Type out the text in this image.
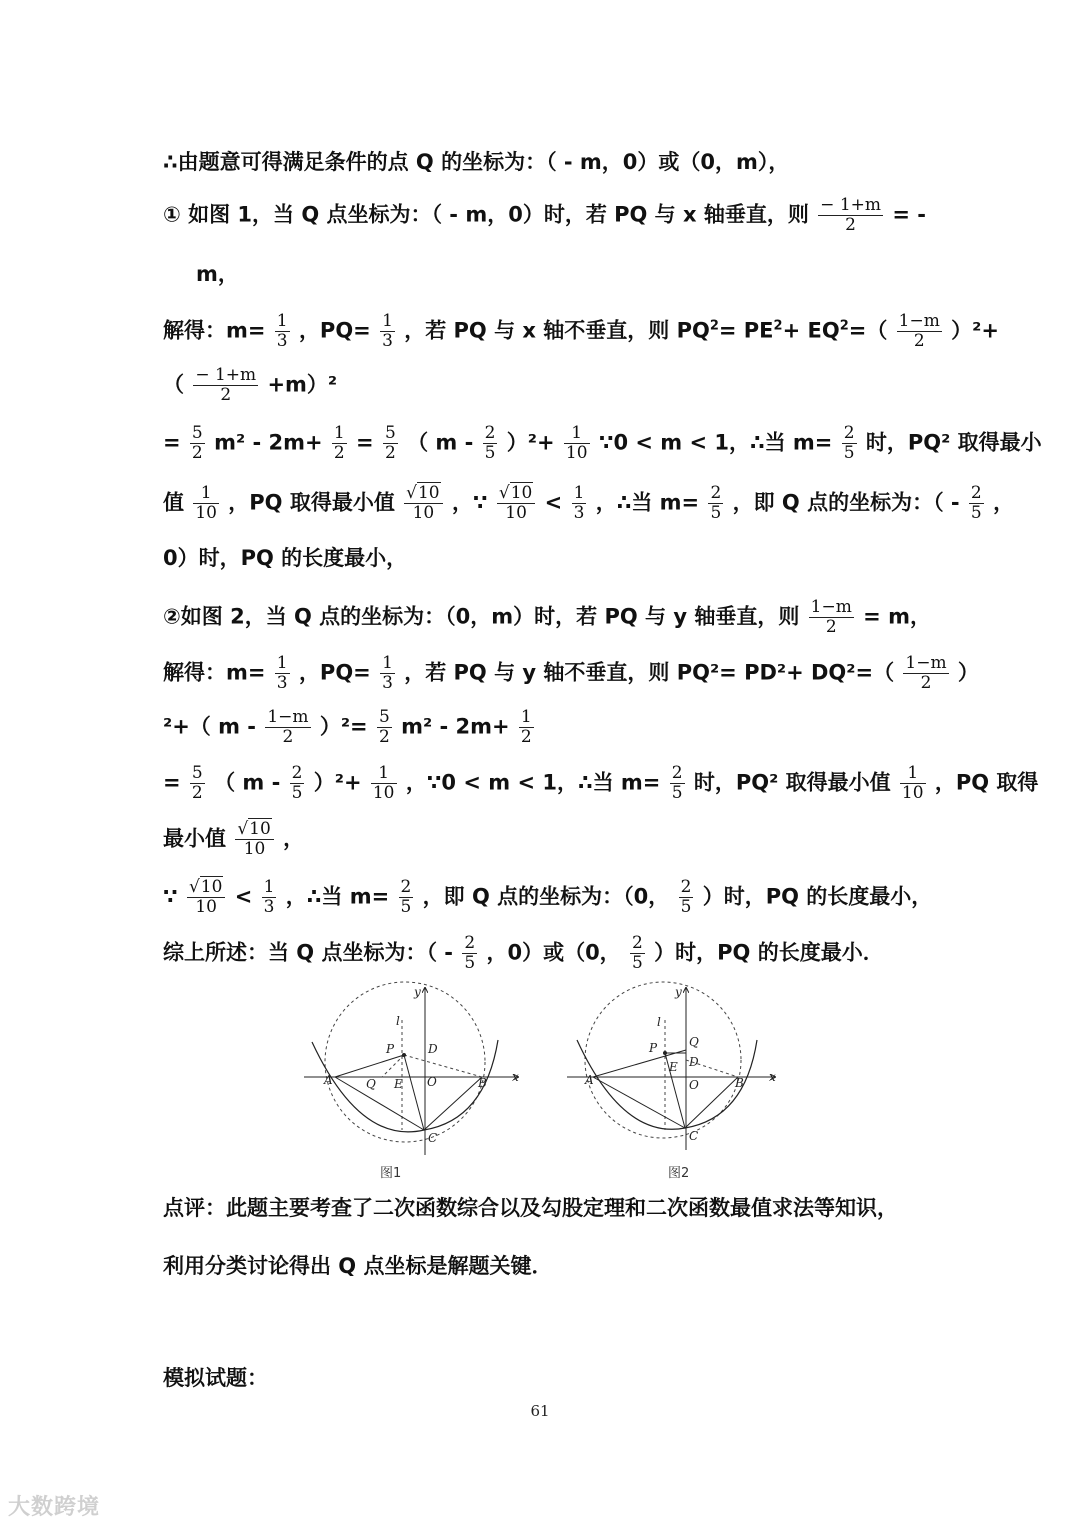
∴由题意可得满足条件的点 Q 的坐标为：（ - m，0）或（0，m），
① 如图 1，当 Q 点坐标为：（ - m，0）时，若 PQ 与 x 轴垂直，则 $\frac{- 1+m}{2}$ = -
m，
解得：$m= \frac{1}{3}$ ，$PQ= \frac{1}{3}$ ，若 PQ 与 x 轴不垂直，则 $PQ^2= PE^2+ EQ^2=( \frac{1-m}{2} )^2+$
（ $\frac{- 1+m}{2} +m)^2$
= $\frac{5}{2} m^2 - 2m+ \frac{1}{2} = \frac{5}{2}$ （ $m - \frac{2}{5} )^2+ \frac{1}{10}$ ∵0 < m < 1，∴当 $m= \frac{2}{5}$ 时，PQ² 取得最小
值 $\frac{1}{10}$ ，PQ 取得最小值 $\frac{√10}{10}$ ，∵ $\frac{√10}{10} < \frac{1}{3}$ ，∴当 $m= \frac{2}{5}$ ，即 Q 点的坐标为：（ - $\frac{2}{5}$ ，
0）时，PQ 的长度最小，
②如图 2，当 Q 点的坐标为：（0，m）时，若 PQ 与 y 轴垂直，则 $\frac{1-m}{2} = m$，
解得：$m= \frac{1}{3}$ ，$PQ= \frac{1}{3}$ ，若 PQ 与 y 轴不垂直，则 $PQ^2= PD^2+ DQ^2=( \frac{1-m}{2}$ ）
²+（ $m - \frac{1-m}{2} )^2= \frac{5}{2} m^2 - 2m+ \frac{1}{2}$
= $\frac{5}{2}$ （ $m - \frac{2}{5} )^2+ \frac{1}{10}$ ，∵0 < m < 1，∴当 $m= \frac{2}{5}$ 时，PQ² 取得最小值 $\frac{1}{10}$ ，PQ 取得
最小值 $\frac{√10}{10}$ ，
∵ $\frac{√10}{10} < \frac{1}{3}$ ，∴当 $m= \frac{2}{5}$ ，即 Q 点的坐标为：（0， $\frac{2}{5}$ ）时，PQ 的长度最小，
综上所述：当 Q 点坐标为：（ - $\frac{2}{5}$ ，0）或（0， $\frac{2}{5}$ ）时，PQ 的长度最小．
y
l
P	D
A	Q E O	B x
C
图1
y
l
P	Q
E D
A	O	B x
C
图2
点评：此题主要考查了二次函数综合以及勾股定理和二次函数最值求法等知识，
利用分类讨论得出 Q 点坐标是解题关键．
模拟试题：
61
大数跨境
